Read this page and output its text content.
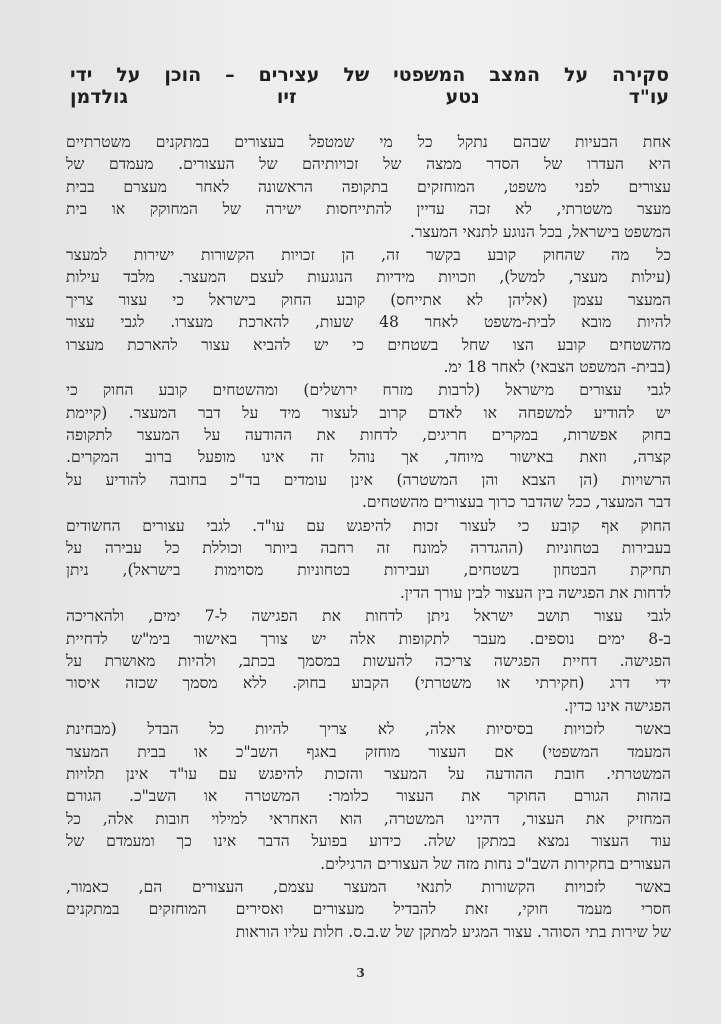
סקירה על המצב המשפטי של עצירים – הוכן על ידי
עו"ד נטע זיו גולדמן
אחת הבעיות שבהם נתקל כל מי שמטפל בעצורים במתקנים משטרתיים
היא העדרו של הסדר ממצה של זכויותיהם של העצורים. מעמדם של
עצורים לפני משפט, המוחזקים בתקופה הראשונה לאחר מעצרם בבית
מעצר משטרתי, לא זכה עדיין להתייחסות ישירה של המחוקק או בית
המשפט בישראל, בכל הנוגע לתנאי המעצר.
כל מה שהחוק קובע בקשר זה, הן זכויות הקשורות ישירות למעצר
(עילות מעצר, למשל), וזכויות מידיות הנוגעות לעצם המעצר. מלבד עילות
המעצר עצמן (אליהן לא אתייחס) קובע החוק בישראל כי עצור צריך
להיות מובא לבית-משפט לאחר 48 שעות, להארכת מעצרו. לגבי עצור
מהשטחים קובע הצו שחל בשטחים כי יש להביא עצור להארכת מעצרו
(בבית- המשפט הצבאי) לאחר 18 ימ.
לגבי עצורים מישראל (לרבות מזרח ירושלים) ומהשטחים קובע החוק כי
יש להודיע למשפחה או לאדם קרוב לעצור מיד על דבר המעצר. (קיימת
בחוק אפשרות, במקרים חריגים, לדחות את ההודעה על המעצר לתקופה
קצרה, וזאת באישור מיוחד, אך נוהל זה אינו מופעל ברוב המקרים.
הרשויות (הן הצבא והן המשטרה) אינן עומדים בד"כ בחובה להודיע על
דבר המעצר, ככל שהדבר כרוך בעצורים מהשטחים.
החוק אף קובע כי לעצור זכות להיפגש עם עו"ד. לגבי עצורים החשודים
בעבירות בטחוניות (ההגדרה למונח זה רחבה ביותר וכוללת כל עבירה על
תחיקת הבטחון בשטחים, ועבירות בטחוניות מסוימות בישראל), ניתן
לדחות את הפגישה בין העצור לבין עורך הדין.
לגבי עצור תושב ישראל ניתן לדחות את הפגישה ל-7 ימים, ולהאריכה
ב-8 ימים נוספים. מעבר לתקופות אלה יש צורך באישור בימ"ש לדחיית
הפגישה. דחיית הפגישה צריכה להעשות במסמך בכתב, ולהיות מאושרת על
ידי דרג (חקירתי או משטרתי) הקבוע בחוק. ללא מסמך שכזה איסור
הפגישה אינו כדין.
באשר לזכויות בסיסיות אלה, לא צריך להיות כל הבדל (מבחינת
המעמד המשפטי) אם העצור מוחזק באגף השב"כ או בבית המעצר
המשטרתי. חובת ההודעה על המעצר והזכות להיפגש עם עו"ד אינן תלויות
בזהות הגורם החוקר את העצור כלומר: המשטרה או השב"כ. הגורם
המחזיק את העצור, דהיינו המשטרה, הוא האחראי למילוי חובות אלה, כל
עוד העצור נמצא במתקן שלה. כידוע בפועל הדבר אינו כך ומעמדם של
העצורים בחקירות השב"כ נחות מזה של העצורים הרגילים.
באשר לזכויות הקשורות לתנאי המעצר עצמם, העצורים הם, כאמור,
חסרי מעמד חוקי, זאת להבדיל מעצורים ואסירים המוחזקים במתקנים
של שירות בתי הסוהר. עצור המגיע למתקן של ש.ב.ס. חלות עליו הוראות
3
